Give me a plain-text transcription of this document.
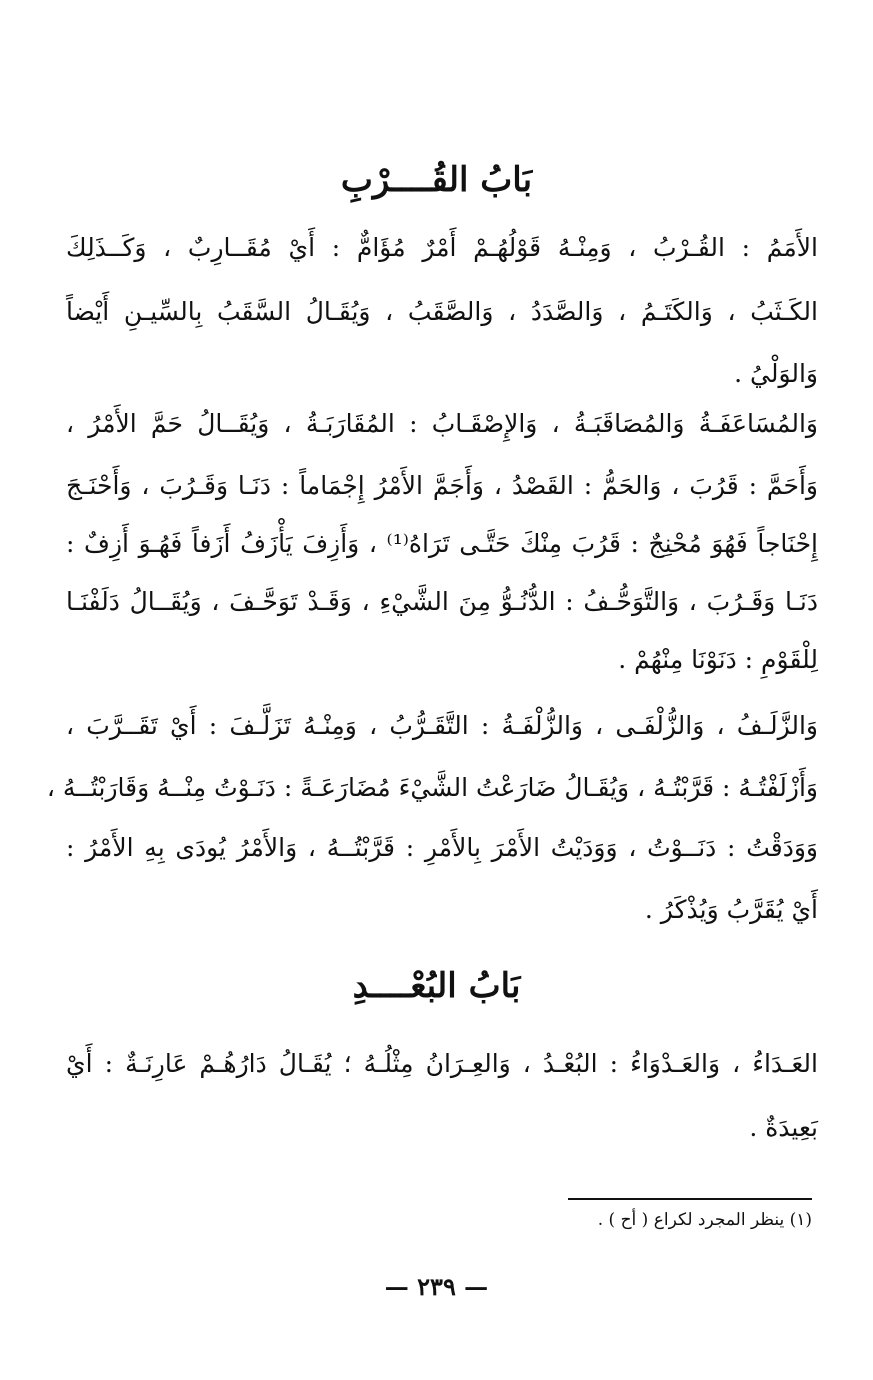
بَابُ القُــــرْبِ
الأَمَمُ : القُـرْبُ ، وَمِنْـهُ قَوْلُهُـمْ أَمْرٌ مُؤَامٌّ : أَيْ مُقَــارِبٌ ، وَكَــذَلِكَ
الكَـثَبُ ، وَالكَتَـمُ ، وَالصَّدَدُ ، وَالصَّقَبُ ، وَيُقَـالُ السَّقَبُ بِالسِّيـنِ أَيْضاً
وَالوَلْيُ .
وَالمُسَاعَفَـةُ وَالمُصَاقَبَـةُ ، وَالإِصْقَـابُ : المُقَارَبَـةُ ، وَيُقَــالُ حَمَّ الأَمْرُ ،
وَأَحَمَّ : قَرُبَ ، وَالحَمُّ : القَصْدُ ، وَأَجَمَّ الأَمْرُ إِجْمَاماً : دَنَـا وَقَـرُبَ ، وَأَحْنَـجَ
إِحْنَاجاً فَهُوَ مُحْنِجٌ : قَرُبَ مِنْكَ حَتَّـى تَرَاهُ⁽¹⁾ ، وَأَزِفَ يَأْزَفُ أَزَفاً فَهُـوَ أَزِفٌ :
دَنَـا وَقَـرُبَ ، وَالتَّوَحُّـفُ : الدُّنُـوُّ مِنَ الشَّيْءِ ، وَقَـدْ تَوَحَّـفَ ، وَيُقَــالُ دَلَفْنَـا
لِلْقَوْمِ : دَنَوْنَا مِنْهُمْ .
وَالزَّلَـفُ ، وَالزُّلْفَـى ، وَالزُّلْفَـةُ : التَّقَـرُّبُ ، وَمِنْـهُ تَزَلَّـفَ : أَيْ تَقَــرَّبَ ،
وَأَزْلَفْتُـهُ : قَرَّبْتُـهُ ، وَيُقَـالُ ضَارَعْتُ الشَّيْءَ مُضَارَعَـةً : دَنَـوْتُ مِنْــهُ وَقَارَبْتُــهُ ،
وَوَدَقْتُ : دَنَــوْتُ ، وَوَدَيْتُ الأَمْرَ بِالأَمْرِ : قَرَّبْتُــهُ ، وَالأَمْرُ يُودَى بِهِ الأَمْرُ :
أَيْ يُقَرَّبُ وَيُذْكَرُ .
بَابُ البُعْــــدِ
العَـدَاءُ ، وَالعَـدْوَاءُ : البُعْـدُ ، وَالعِـرَانُ مِثْلُـهُ ؛ يُقَـالُ دَارُهُـمْ عَارِنَـةٌ : أَيْ
بَعِيدَةٌ .
(١) ينظر المجرد لكراع ( أح ) .
— ٢٣٩ —
